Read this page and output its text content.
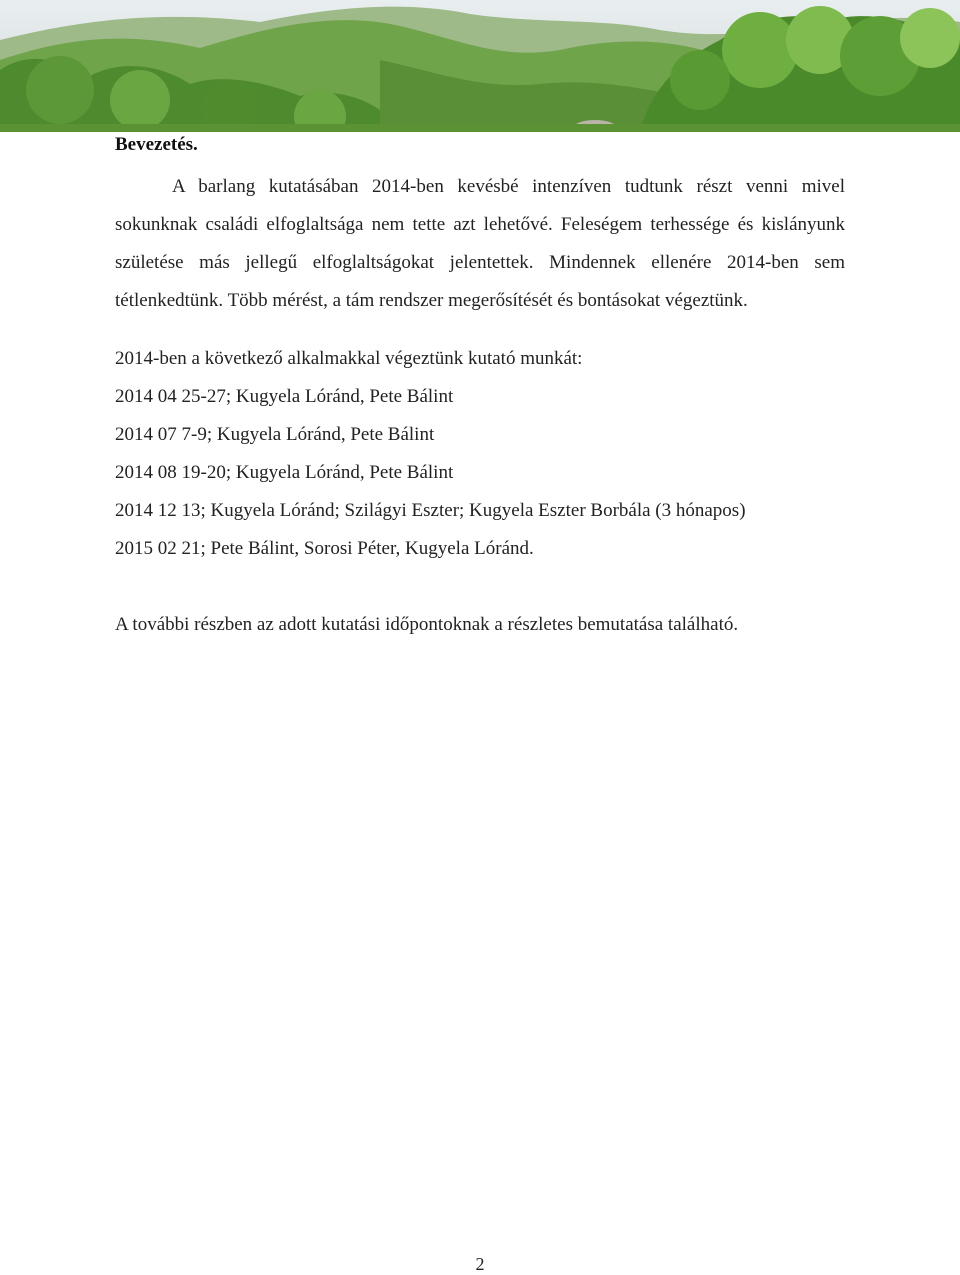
Bevezetés.

A barlang kutatásában 2014-ben kevésbé intenzíven tudtunk részt venni mivel sokunknak családi elfoglaltsága nem tette azt lehetővé. Feleségem terhessége és kislányunk születése más jellegű elfoglaltságokat jelentettek. Mindennek ellenére 2014-ben sem tétlenkedtünk. Több mérést, a tám rendszer megerősítését és bontásokat végeztünk.

2014-ben a következő alkalmakkal végeztünk kutató munkát:
2014 04 25-27; Kugyela Lóránd, Pete Bálint
2014 07 7-9; Kugyela Lóránd, Pete Bálint
2014 08 19-20; Kugyela Lóránd, Pete Bálint
2014 12 13; Kugyela Lóránd; Szilágyi Eszter; Kugyela Eszter Borbála (3 hónapos)
2015 02 21; Pete Bálint, Sorosi Péter, Kugyela Lóránd.
A további részben az adott kutatási időpontoknak a részletes bemutatása található.
2
